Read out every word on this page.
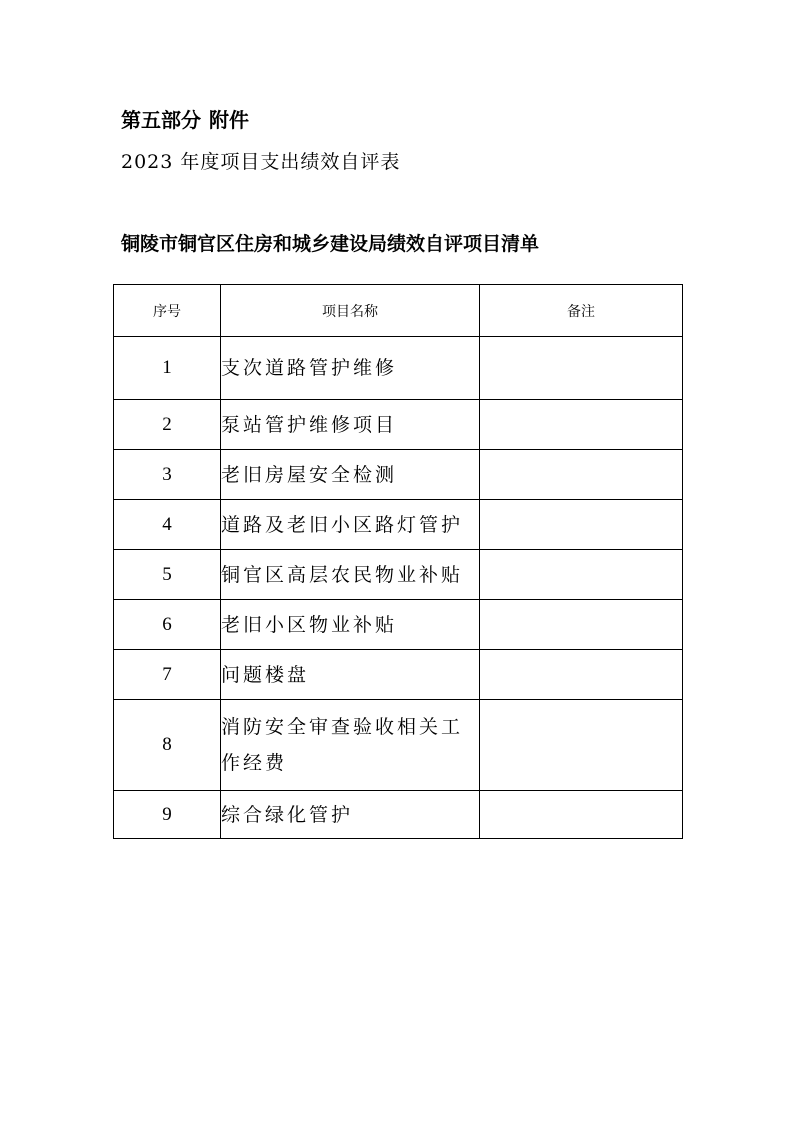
第五部分 附件
2023 年度项目支出绩效自评表
铜陵市铜官区住房和城乡建设局绩效自评项目清单
序号	项目名称	备注
1	支次道路管护维修	
2	泵站管护维修项目	
3	老旧房屋安全检测	
4	道路及老旧小区路灯管护	
5	铜官区高层农民物业补贴	
6	老旧小区物业补贴	
7	问题楼盘	
8	消防安全审查验收相关工作经费	
9	综合绿化管护	
